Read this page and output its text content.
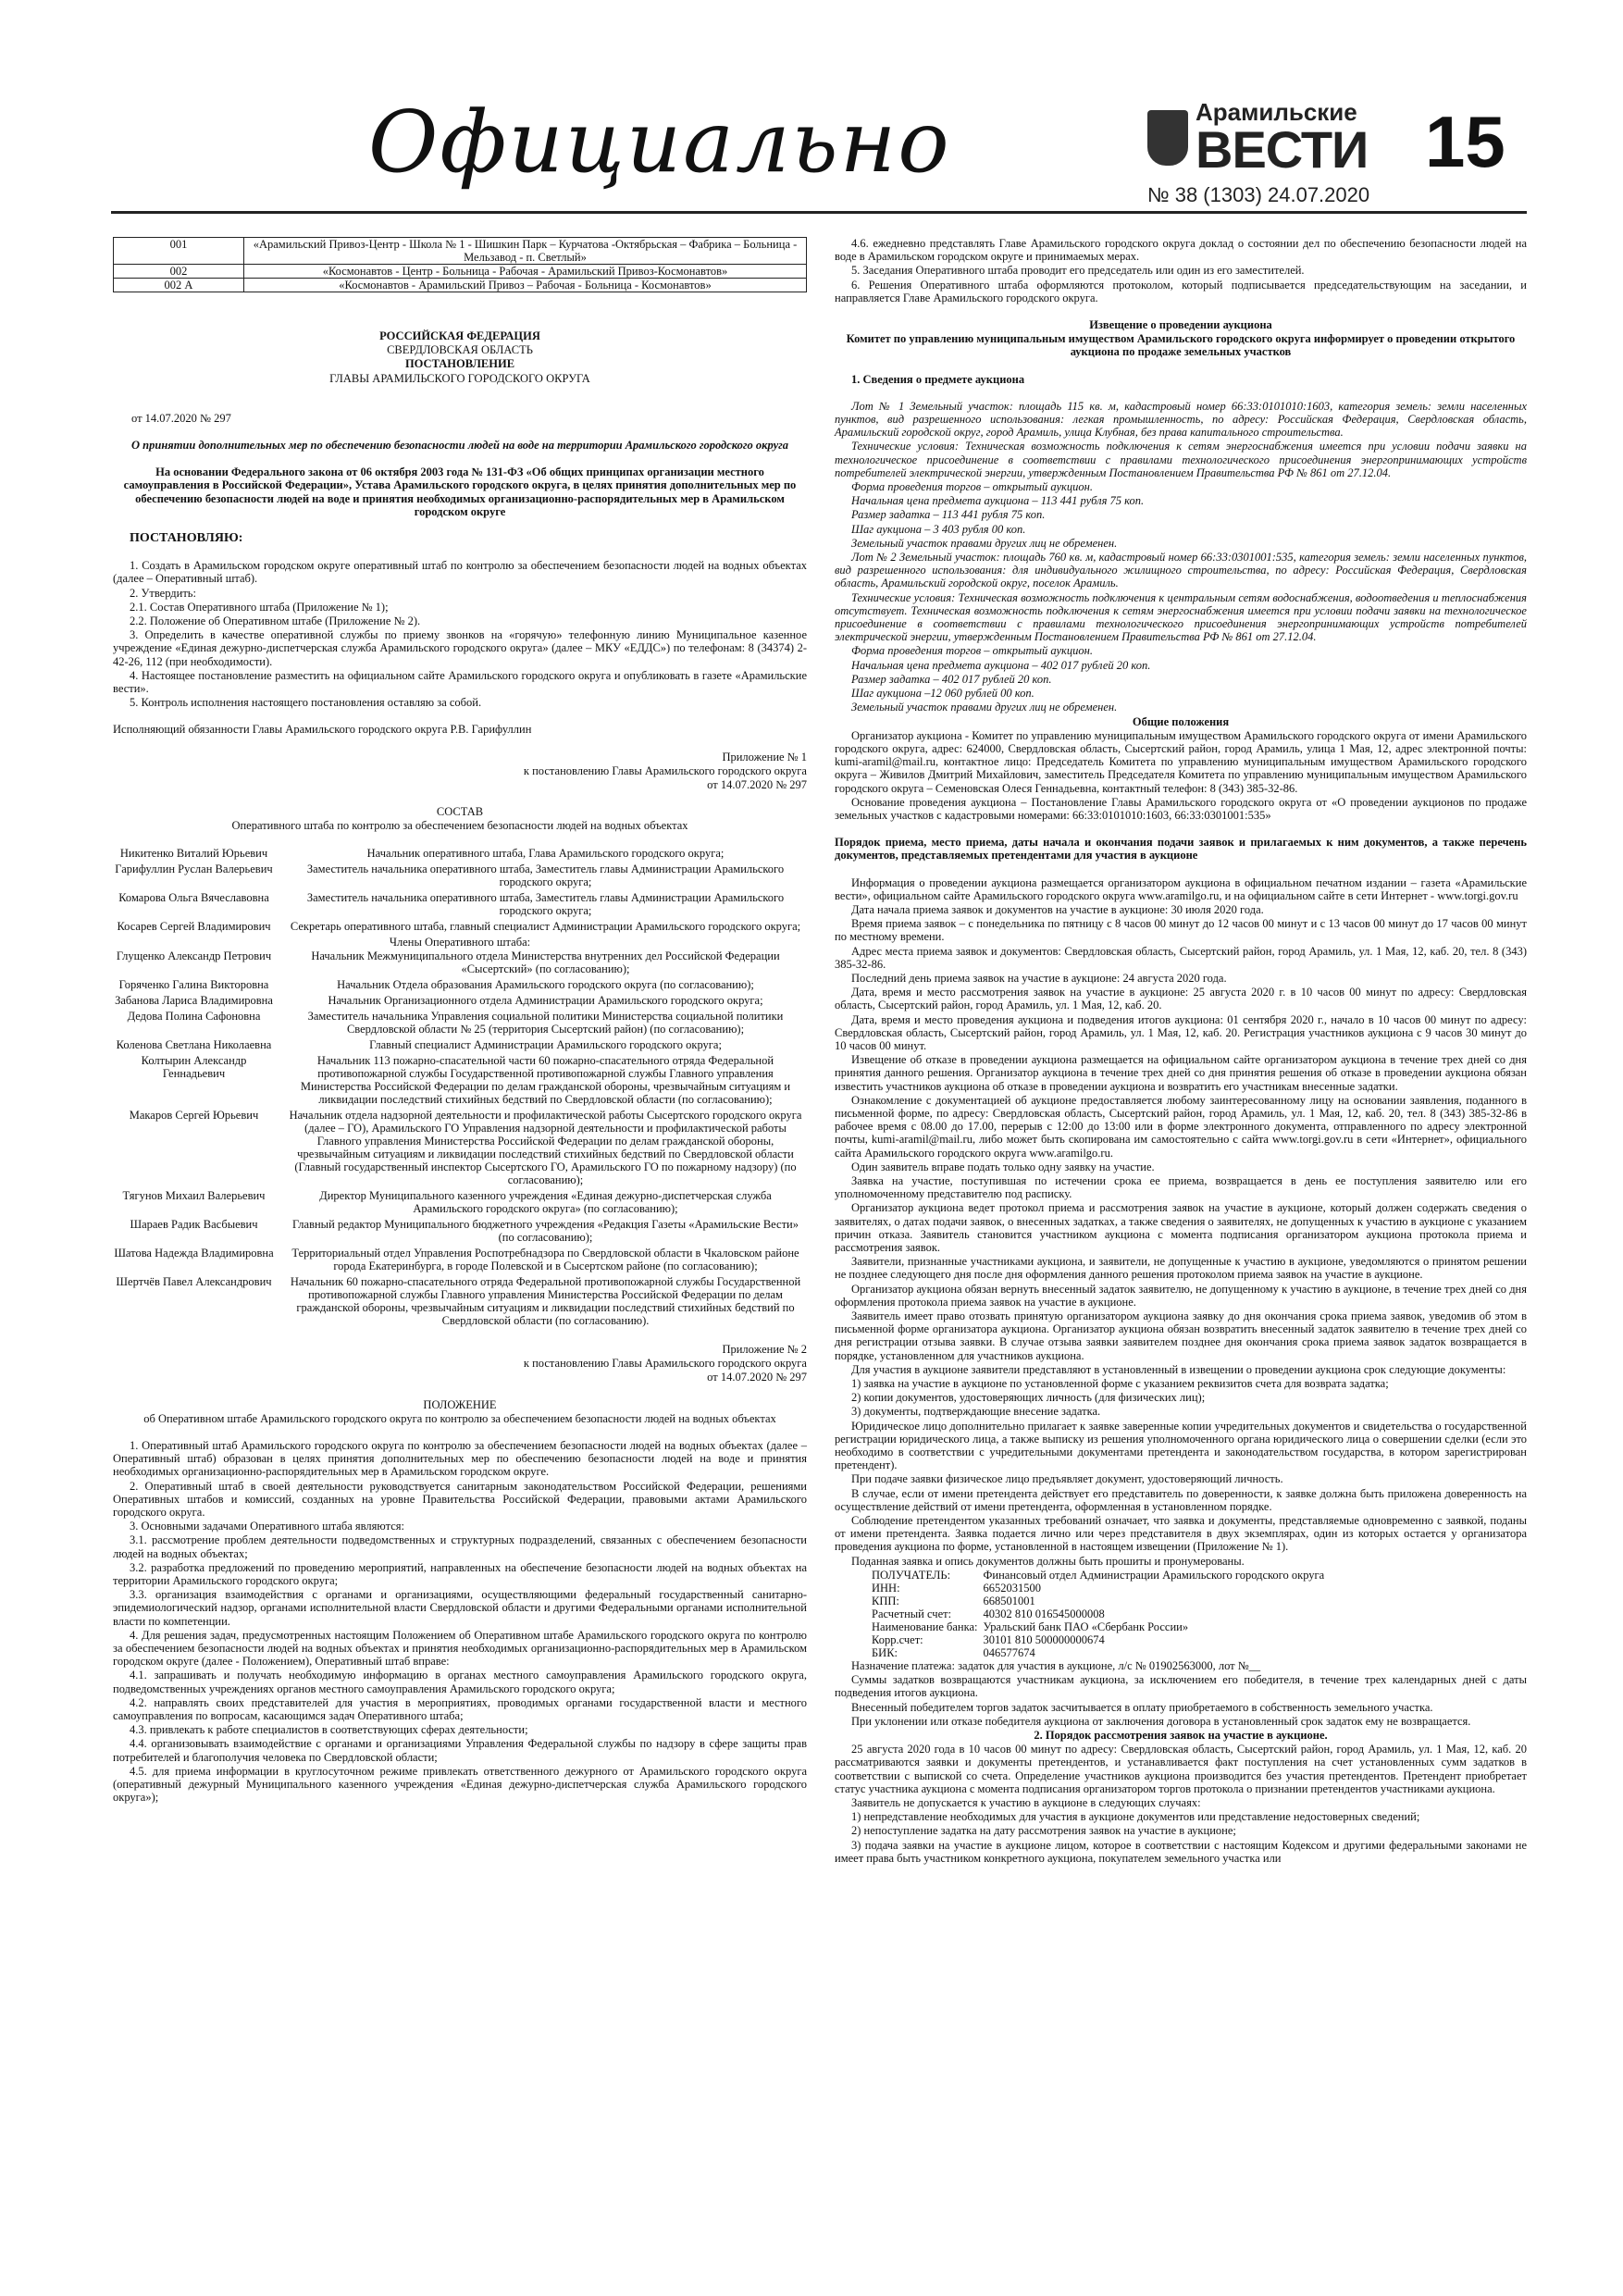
Официально	Арамильские
ВЕСТИ 15
№ 38 (1303) 24.07.2020
001	«Арамильский Привоз-Центр - Школа № 1 - Шишкин Парк – Курчатова -Октябрьская – Фабрика – Больница - Мельзавод - п. Светлый»
002	«Космонавтов - Центр - Больница - Рабочая - Арамильский Привоз-Космонавтов»
002 А	«Космонавтов - Арамильский Привоз – Рабочая - Больница - Космонавтов»

РОССИЙСКАЯ ФЕДЕРАЦИЯ

СВЕРДЛОВСКАЯ ОБЛАСТЬ

ПОСТАНОВЛЕНИЕ

ГЛАВЫ АРАМИЛЬСКОГО ГОРОДСКОГО ОКРУГА

от 14.07.2020 № 297

О принятии дополнительных мер по обеспечению безопасности людей на воде на территории Арамильского городского округа

На основании Федерального закона от 06 октября 2003 года № 131-ФЗ «Об общих принципах организации местного самоуправления в Российской Федерации», Устава Арамильского городского округа, в целях принятия дополнительных мер по обеспечению безопасности людей на воде и принятия необходимых организационно-распорядительных мер в Арамильском городском округе

ПОСТАНОВЛЯЮ:

1. Создать в Арамильском городском округе оперативный штаб по контролю за обеспечением безопасности людей на водных объектах (далее – Оперативный штаб).

2. Утвердить:

2.1. Состав Оперативного штаба (Приложение № 1);

2.2. Положение об Оперативном штабе (Приложение № 2).

3. Определить в качестве оперативной службы по приему звонков на «горячую» телефонную линию Муниципальное казенное учреждение «Единая дежурно-диспетчерская служба Арамильского городского округа» (далее – МКУ «ЕДДС») по телефонам: 8 (34374) 2-42-26, 112 (при необходимости).

4. Настоящее постановление разместить на официальном сайте Арамильского городского округа и опубликовать в газете «Арамильские вести».

5. Контроль исполнения настоящего постановления оставляю за собой.

Исполняющий обязанности Главы Арамильского городского округа Р.В. Гарифуллин

Приложение № 1

к постановлению Главы Арамильского городского округа

от 14.07.2020 № 297

СОСТАВ

Оперативного штаба по контролю за обеспечением безопасности людей на водных объектах

Никитенко Виталий Юрьевич	Начальник оперативного штаба, Глава Арамильского городского округа;
Гарифуллин Руслан Валерьевич	Заместитель начальника оперативного штаба, Заместитель главы Администрации Арамильского городского округа;
Комарова Ольга Вячеславовна	Заместитель начальника оперативного штаба, Заместитель главы Администрации Арамильского городского округа;
Косарев Сергей Владимирович	Секретарь оперативного штаба, главный специалист Администрации Арамильского городского округа;

Члены Оперативного штаба:

Глущенко Александр Петрович	Начальник Межмуниципального отдела Министерства внутренних дел Российской Федерации «Сысертский» (по согласованию);
Горяченко Галина Викторовна	Начальник Отдела образования Арамильского городского округа (по согласованию);
Забанова Лариса Владимировна	Начальник Организационного отдела Администрации Арамильского городского округа;
Дедова Полина Сафоновна	Заместитель начальника Управления социальной политики Министерства социальной политики Свердловской области № 25 (территория Сысертский район) (по согласованию);
Коленова Светлана Николаевна	Главный специалист Администрации Арамильского городского округа;
Колтырин Александр Геннадьевич	Начальник 113 пожарно-спасательной части 60 пожарно-спасательного отряда Федеральной противопожарной службы Государственной противопожарной службы Главного управления Министерства Российской Федерации по делам гражданской обороны, чрезвычайным ситуациям и ликвидации последствий стихийных бедствий по Свердловской области (по согласованию);
Макаров Сергей Юрьевич	Начальник отдела надзорной деятельности и профилактической работы Сысертского городского округа (далее – ГО), Арамильского ГО Управления надзорной деятельности и профилактической работы Главного управления Министерства Российской Федерации по делам гражданской обороны, чрезвычайным ситуациям и ликвидации последствий стихийных бедствий по Свердловской области (Главный государственный инспектор Сысертского ГО, Арамильского ГО по пожарному надзору) (по согласованию);
Тягунов Михаил Валерьевич	Директор Муниципального казенного учреждения «Единая дежурно-диспетчерская служба Арамильского городского округа» (по согласованию);
Шараев Радик Васбыевич	Главный редактор Муниципального бюджетного учреждения «Редакция Газеты «Арамильские Вести» (по согласованию);
Шатова Надежда Владимировна	Территориальный отдел Управления Роспотребнадзора по Свердловской области в Чкаловском районе города Екатеринбурга, в городе Полевской и в Сысертском районе (по согласованию);
Шертчёв Павел Александрович	Начальник 60 пожарно-спасательного отряда Федеральной противопожарной службы Государственной противопожарной службы Главного управления Министерства Российской Федерации по делам гражданской обороны, чрезвычайным ситуациям и ликвидации последствий стихийных бедствий по Свердловской области (по согласованию).

Приложение № 2

к постановлению Главы Арамильского городского округа

от 14.07.2020 № 297

ПОЛОЖЕНИЕ

об Оперативном штабе Арамильского городского округа по контролю за обеспечением безопасности людей на водных объектах

1. Оперативный штаб Арамильского городского округа по контролю за обеспечением безопасности людей на водных объектах (далее – Оперативный штаб) образован в целях принятия дополнительных мер по обеспечению безопасности людей на воде и принятия необходимых организационно-распорядительных мер в Арамильском городском округе.

2. Оперативный штаб в своей деятельности руководствуется санитарным законодательством Российской Федерации, решениями Оперативных штабов и комиссий, созданных на уровне Правительства Российской Федерации, правовыми актами Арамильского городского округа.

3. Основными задачами Оперативного штаба являются:

3.1. рассмотрение проблем деятельности подведомственных и структурных подразделений, связанных с обеспечением безопасности людей на водных объектах;

3.2. разработка предложений по проведению мероприятий, направленных на обеспечение безопасности людей на водных объектах на территории Арамильского городского округа;

3.3. организация взаимодействия с органами и организациями, осуществляющими федеральный государственный санитарно-эпидемиологический надзор, органами исполнительной власти Свердловской области и другими Федеральными органами исполнительной власти по компетенции.

4. Для решения задач, предусмотренных настоящим Положением об Оперативном штабе Арамильского городского округа по контролю за обеспечением безопасности людей на водных объектах и принятия необходимых организационно-распорядительных мер в Арамильском городском округе (далее - Положением), Оперативный штаб вправе:

4.1. запрашивать и получать необходимую информацию в органах местного самоуправления Арамильского городского округа, подведомственных учреждениях органов местного самоуправления Арамильского городского округа;

4.2. направлять своих представителей для участия в мероприятиях, проводимых органами государственной власти и местного самоуправления по вопросам, касающимся задач Оперативного штаба;

4.3. привлекать к работе специалистов в соответствующих сферах деятельности;

4.4. организовывать взаимодействие с органами и организациями Управления Федеральной службы по надзору в сфере защиты прав потребителей и благополучия человека по Свердловской области;

4.5. для приема информации в круглосуточном режиме привлекать ответственного дежурного от Арамильского городского округа (оперативный дежурный Муниципального казенного учреждения «Единая дежурно-диспетчерская служба Арамильского городского округа»);

4.6. ежедневно представлять Главе Арамильского городского округа доклад о состоянии дел по обеспечению безопасности людей на воде в Арамильском городском округе и принимаемых мерах.

5. Заседания Оперативного штаба проводит его председатель или один из его заместителей.

6. Решения Оперативного штаба оформляются протоколом, который подписывается председательствующим на заседании, и направляется Главе Арамильского городского округа.

Извещение о проведении аукциона

Комитет по управлению муниципальным имуществом Арамильского городского округа информирует о проведении открытого аукциона по продаже земельных участков

1. Сведения о предмете аукциона

Лот № 1 Земельный участок: площадь 115 кв. м, кадастровый номер 66:33:0101010:1603, категория земель: земли населенных пунктов, вид разрешенного использования: легкая промышленность, по адресу: Российская Федерация, Свердловская область, Арамильский городской округ, город Арамиль, улица Клубная, без права капитального строительства.

Технические условия: Техническая возможность подключения к сетям энергоснабжения имеется при условии подачи заявки на технологическое присоединение в соответствии с правилами технологического присоединения энергопринимающих устройств потребителей электрической энергии, утвержденным Постановлением Правительства РФ № 861 от 27.12.04.

Форма проведения торгов – открытый аукцион.

Начальная цена предмета аукциона – 113 441 рубля 75 коп.

Размер задатка – 113 441 рубля 75 коп.

Шаг аукциона – 3 403 рубля 00 коп.

Земельный участок правами других лиц не обременен.

Лот № 2 Земельный участок: площадь 760 кв. м, кадастровый номер 66:33:0301001:535, категория земель: земли населенных пунктов, вид разрешенного использования: для индивидуального жилищного строительства, по адресу: Российская Федерация, Свердловская область, Арамильский городской округ, поселок Арамиль.

Технические условия: Техническая возможность подключения к центральным сетям водоснабжения, водоотведения и теплоснабжения отсутствует. Техническая возможность подключения к сетям энергоснабжения имеется при условии подачи заявки на технологическое присоединение в соответствии с правилами технологического присоединения энергопринимающих устройств потребителей электрической энергии, утвержденным Постановлением Правительства РФ № 861 от 27.12.04.

Форма проведения торгов – открытый аукцион.

Начальная цена предмета аукциона – 402 017 рублей 20 коп.

Размер задатка – 402 017 рублей 20 коп.

Шаг аукциона –12 060 рублей 00 коп.

Земельный участок правами других лиц не обременен.

Общие положения

Организатор аукциона - Комитет по управлению муниципальным имуществом Арамильского городского округа от имени Арамильского городского округа, адрес: 624000, Свердловская область, Сысертский район, город Арамиль, улица 1 Мая, 12, адрес электронной почты: kumi-aramil@mail.ru, контактное лицо: Председатель Комитета по управлению муниципальным имуществом Арамильского городского округа – Живилов Дмитрий Михайлович, заместитель Председателя Комитета по управлению муниципальным имуществом Арамильского городского округа – Семеновская Олеся Геннадьевна, контактный телефон: 8 (343) 385-32-86.

Основание проведения аукциона – Постановление Главы Арамильского городского округа от «О проведении аукционов по продаже земельных участков с кадастровыми номерами: 66:33:0101010:1603, 66:33:0301001:535»

Порядок приема, место приема, даты начала и окончания подачи заявок и прилагаемых к ним документов, а также перечень документов, представляемых претендентами для участия в аукционе

Информация о проведении аукциона размещается организатором аукциона в официальном печатном издании – газета «Арамильские вести», официальном сайте Арамильского городского округа www.aramilgo.ru, и на официальном сайте в сети Интернет - www.torgi.gov.ru

Дата начала приема заявок и документов на участие в аукционе: 30 июля 2020 года.

Время приема заявок – с понедельника по пятницу с 8 часов 00 минут до 12 часов 00 минут и с 13 часов 00 минут до 17 часов 00 минут по местному времени.

Адрес места приема заявок и документов: Свердловская область, Сысертский район, город Арамиль, ул. 1 Мая, 12, каб. 20, тел. 8 (343) 385-32-86.

Последний день приема заявок на участие в аукционе: 24 августа 2020 года.

Дата, время и место рассмотрения заявок на участие в аукционе: 25 августа 2020 г. в 10 часов 00 минут по адресу: Свердловская область, Сысертский район, город Арамиль, ул. 1 Мая, 12, каб. 20.

Дата, время и место проведения аукциона и подведения итогов аукциона: 01 сентября 2020 г., начало в 10 часов 00 минут по адресу: Свердловская область, Сысертский район, город Арамиль, ул. 1 Мая, 12, каб. 20. Регистрация участников аукциона с 9 часов 30 минут до 10 часов 00 минут.

Извещение об отказе в проведении аукциона размещается на официальном сайте организатором аукциона в течение трех дней со дня принятия данного решения. Организатор аукциона в течение трех дней со дня принятия решения об отказе в проведении аукциона обязан известить участников аукциона об отказе в проведении аукциона и возвратить его участникам внесенные задатки.

Ознакомление с документацией об аукционе предоставляется любому заинтересованному лицу на основании заявления, поданного в письменной форме, по адресу: Свердловская область, Сысертский район, город Арамиль, ул. 1 Мая, 12, каб. 20, тел. 8 (343) 385-32-86 в рабочее время с 08.00 до 17.00, перерыв с 12:00 до 13:00 или в форме электронного документа, отправленного по адресу электронной почты, kumi-aramil@mail.ru, либо может быть скопирована им самостоятельно с сайта www.torgi.gov.ru в сети «Интернет», официального сайта Арамильского городского округа www.aramilgo.ru.

Один заявитель вправе подать только одну заявку на участие.

Заявка на участие, поступившая по истечении срока ее приема, возвращается в день ее поступления заявителю или его уполномоченному представителю под расписку.

Организатор аукциона ведет протокол приема и рассмотрения заявок на участие в аукционе, который должен содержать сведения о заявителях, о датах подачи заявок, о внесенных задатках, а также сведения о заявителях, не допущенных к участию в аукционе с указанием причин отказа. Заявитель становится участником аукциона с момента подписания организатором аукциона протокола приема и рассмотрения заявок.

Заявители, признанные участниками аукциона, и заявители, не допущенные к участию в аукционе, уведомляются о принятом решении не позднее следующего дня после дня оформления данного решения протоколом приема заявок на участие в аукционе.

Организатор аукциона обязан вернуть внесенный задаток заявителю, не допущенному к участию в аукционе, в течение трех дней со дня оформления протокола приема заявок на участие в аукционе.

Заявитель имеет право отозвать принятую организатором аукциона заявку до дня окончания срока приема заявок, уведомив об этом в письменной форме организатора аукциона. Организатор аукциона обязан возвратить внесенный задаток заявителю в течение трех дней со дня регистрации отзыва заявки. В случае отзыва заявки заявителем позднее дня окончания срока приема заявок задаток возвращается в порядке, установленном для участников аукциона.

Для участия в аукционе заявители представляют в установленный в извещении о проведении аукциона срок следующие документы:

1) заявка на участие в аукционе по установленной форме с указанием реквизитов счета для возврата задатка;

2) копии документов, удостоверяющих личность (для физических лиц);

3) документы, подтверждающие внесение задатка.

Юридическое лицо дополнительно прилагает к заявке заверенные копии учредительных документов и свидетельства о государственной регистрации юридического лица, а также выписку из решения уполномоченного органа юридического лица о совершении сделки (если это необходимо в соответствии с учредительными документами претендента и законодательством государства, в котором зарегистрирован претендент).

При подаче заявки физическое лицо предъявляет документ, удостоверяющий личность.

В случае, если от имени претендента действует его представитель по доверенности, к заявке должна быть приложена доверенность на осуществление действий от имени претендента, оформленная в установленном порядке.

Соблюдение претендентом указанных требований означает, что заявка и документы, представляемые одновременно с заявкой, поданы от имени претендента. Заявка подается лично или через представителя в двух экземплярах, один из которых остается у организатора проведения аукциона по форме, установленной в настоящем извещении (Приложение № 1).

Поданная заявка и опись документов должны быть прошиты и пронумерованы.

ПОЛУЧАТЕЛЬ:	Финансовый отдел Администрации Арамильского городского округа
ИНН:	6652031500
КПП:	668501001
Расчетный счет:	40302 810 016545000008
Наименование банка:	Уральский банк ПАО «Сбербанк России»
Корр.счет:	30101 810 500000000674
БИК:	046577674

Назначение платежа: задаток для участия в аукционе, л/с № 01902563000, лот №__

Суммы задатков возвращаются участникам аукциона, за исключением его победителя, в течение трех календарных дней с даты подведения итогов аукциона.

Внесенный победителем торгов задаток засчитывается в оплату приобретаемого в собственность земельного участка.

При уклонении или отказе победителя аукциона от заключения договора в установленный срок задаток ему не возвращается.

2. Порядок рассмотрения заявок на участие в аукционе.

25 августа 2020 года в 10 часов 00 минут по адресу: Свердловская область, Сысертский район, город Арамиль, ул. 1 Мая, 12, каб. 20 рассматриваются заявки и документы претендентов, и устанавливается факт поступления на счет установленных сумм задатков в соответствии с выпиской со счета. Определение участников аукциона производится без участия претендентов. Претендент приобретает статус участника аукциона с момента подписания организатором торгов протокола о признании претендентов участниками аукциона.

Заявитель не допускается к участию в аукционе в следующих случаях:

1) непредставление необходимых для участия в аукционе документов или представление недостоверных сведений;

2) непоступление задатка на дату рассмотрения заявок на участие в аукционе;

3) подача заявки на участие в аукционе лицом, которое в соответствии с настоящим Кодексом и другими федеральными законами не имеет права быть участником конкретного аукциона, покупателем земельного участка или
